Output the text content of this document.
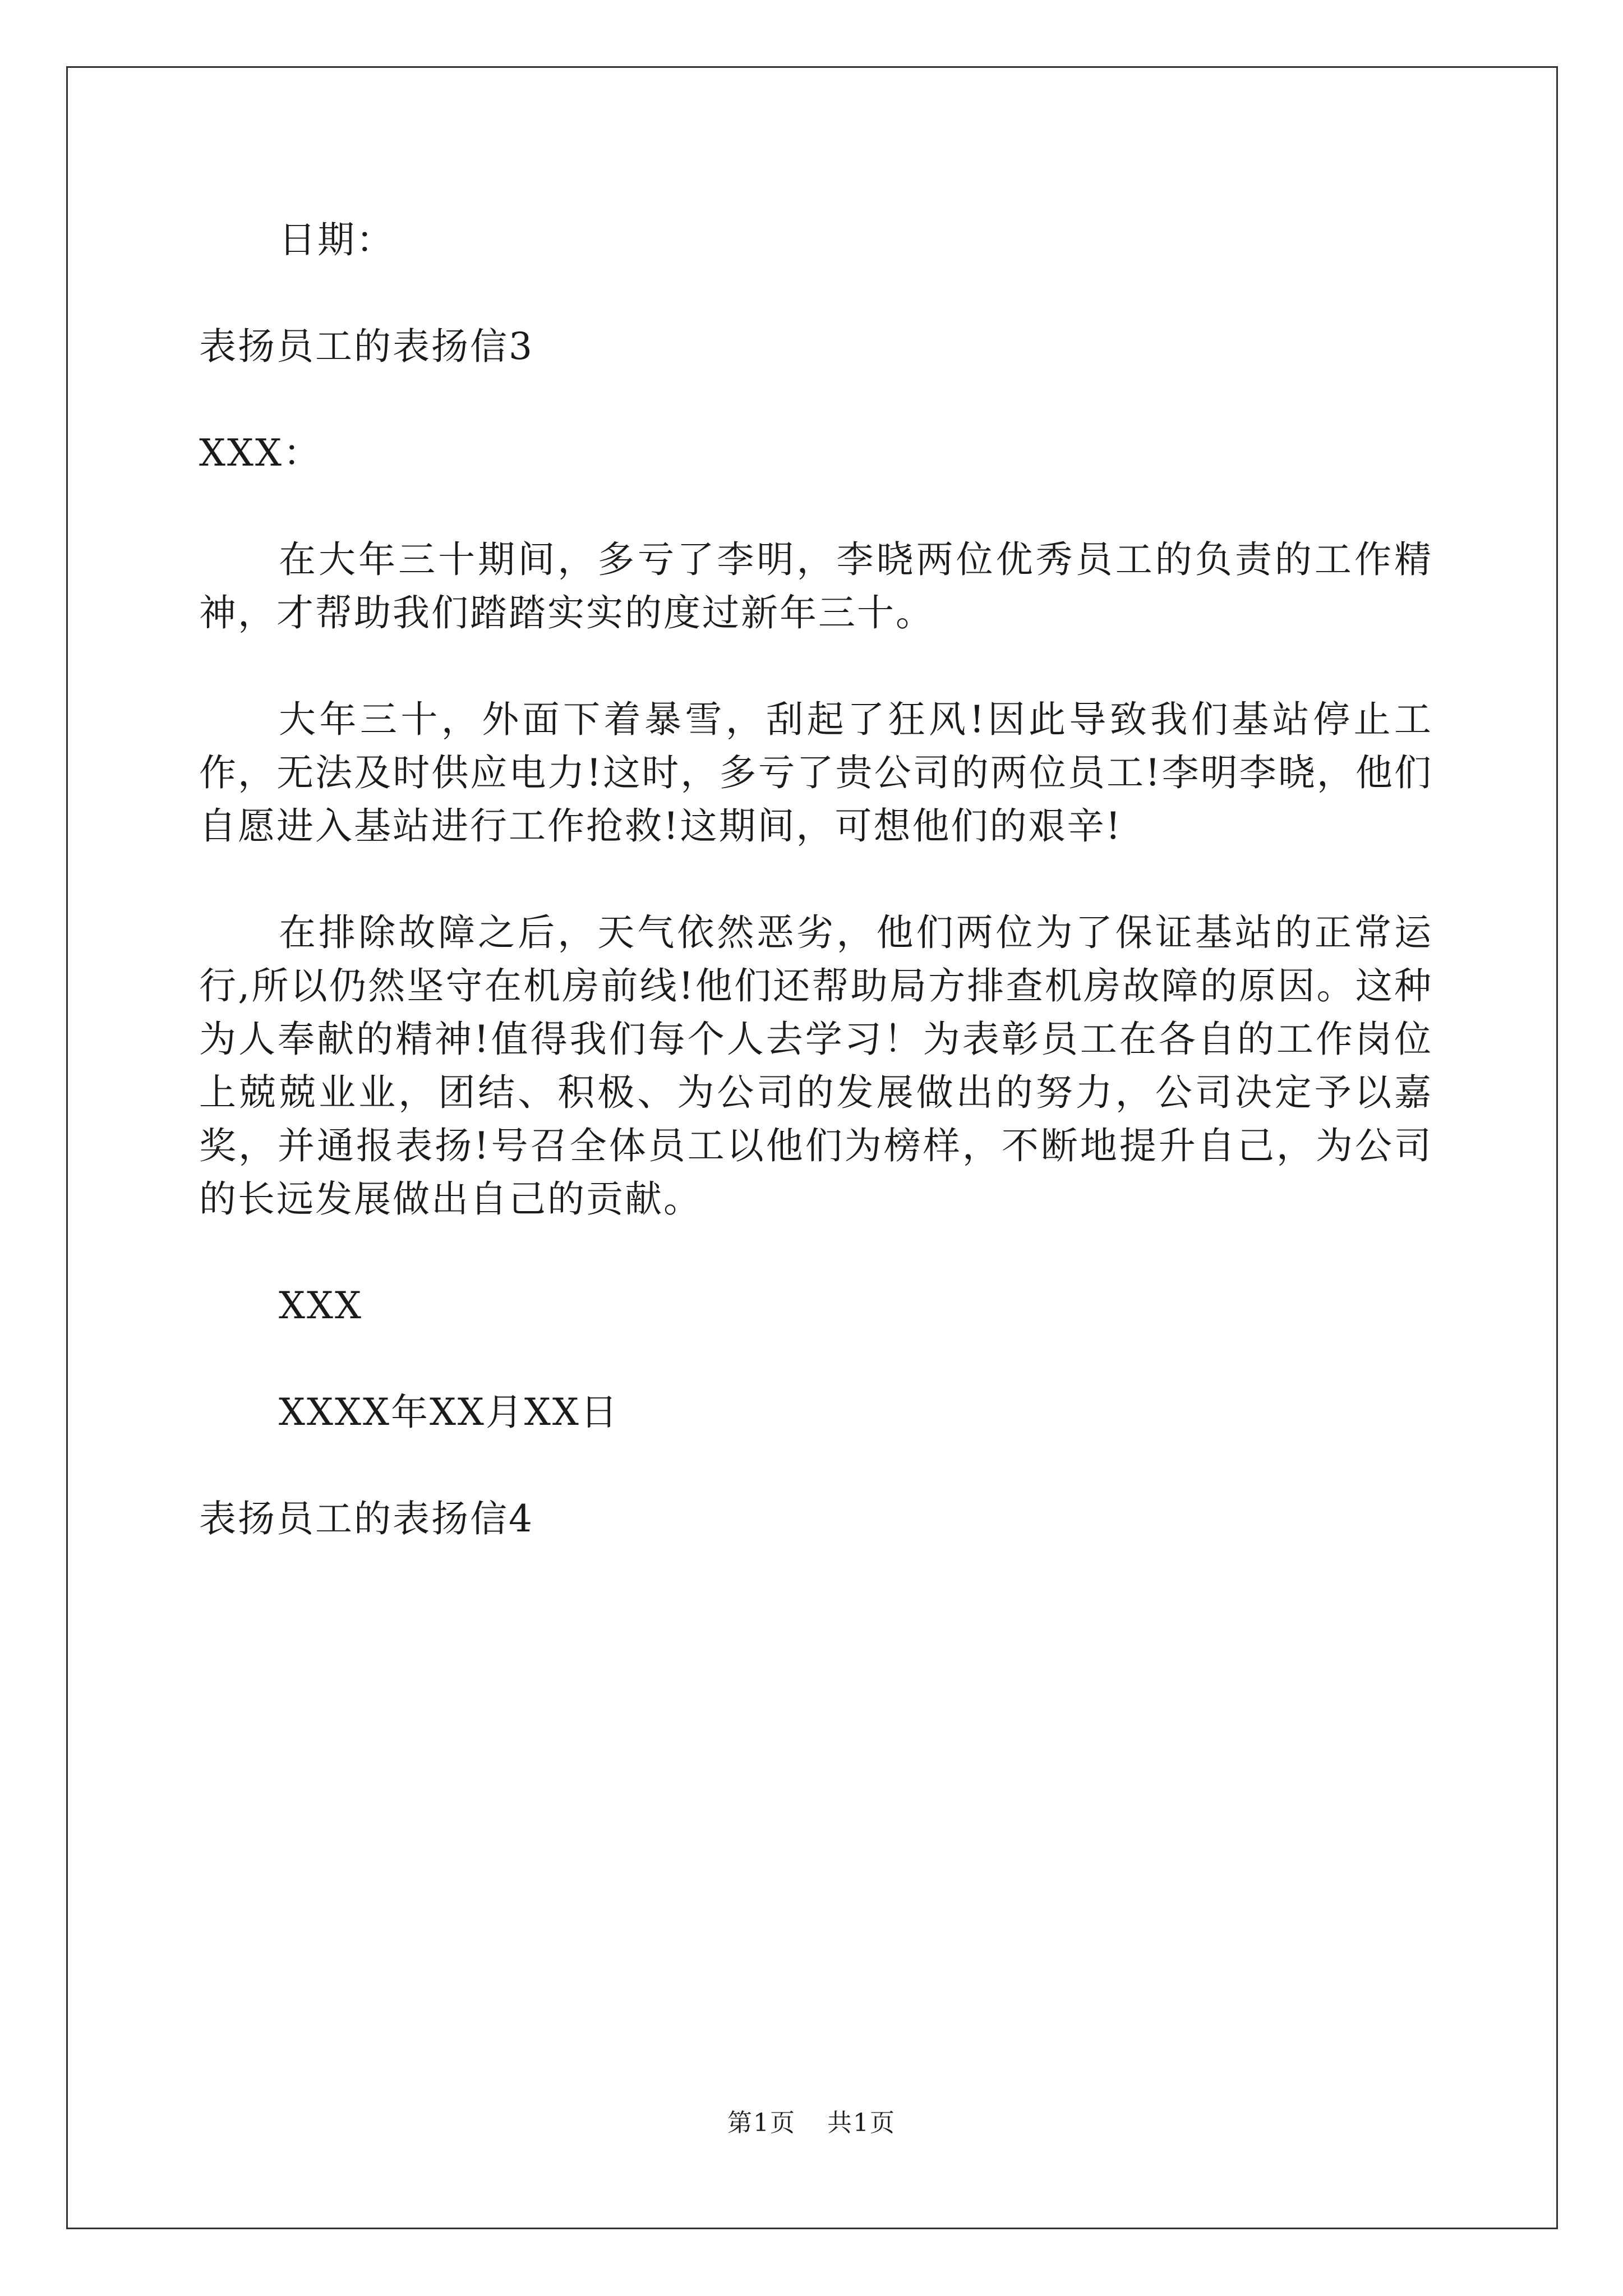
日期：
表扬员工的表扬信3
XXX：

在大年三十期间，多亏了李明，李晓两位优秀员工的负责的工作精神，才帮助我们踏踏实实的度过新年三十。

大年三十，外面下着暴雪，刮起了狂风!因此导致我们基站停止工作，无法及时供应电力!这时，多亏了贵公司的两位员工!李明李晓，他们自愿进入基站进行工作抢救!这期间，可想他们的艰辛!

在排除故障之后，天气依然恶劣，他们两位为了保证基站的正常运行,所以仍然坚守在机房前线!他们还帮助局方排查机房故障的原因。这种为人奉献的精神!值得我们每个人去学习！为表彰员工在各自的工作岗位上兢兢业业，团结、积极、为公司的发展做出的努力，公司决定予以嘉奖，并通报表扬!号召全体员工以他们为榜样，不断地提升自己，为公司的长远发展做出自己的贡献。

XXX
XXXX年XX月XX日
表扬员工的表扬信4
第1页 共1页
